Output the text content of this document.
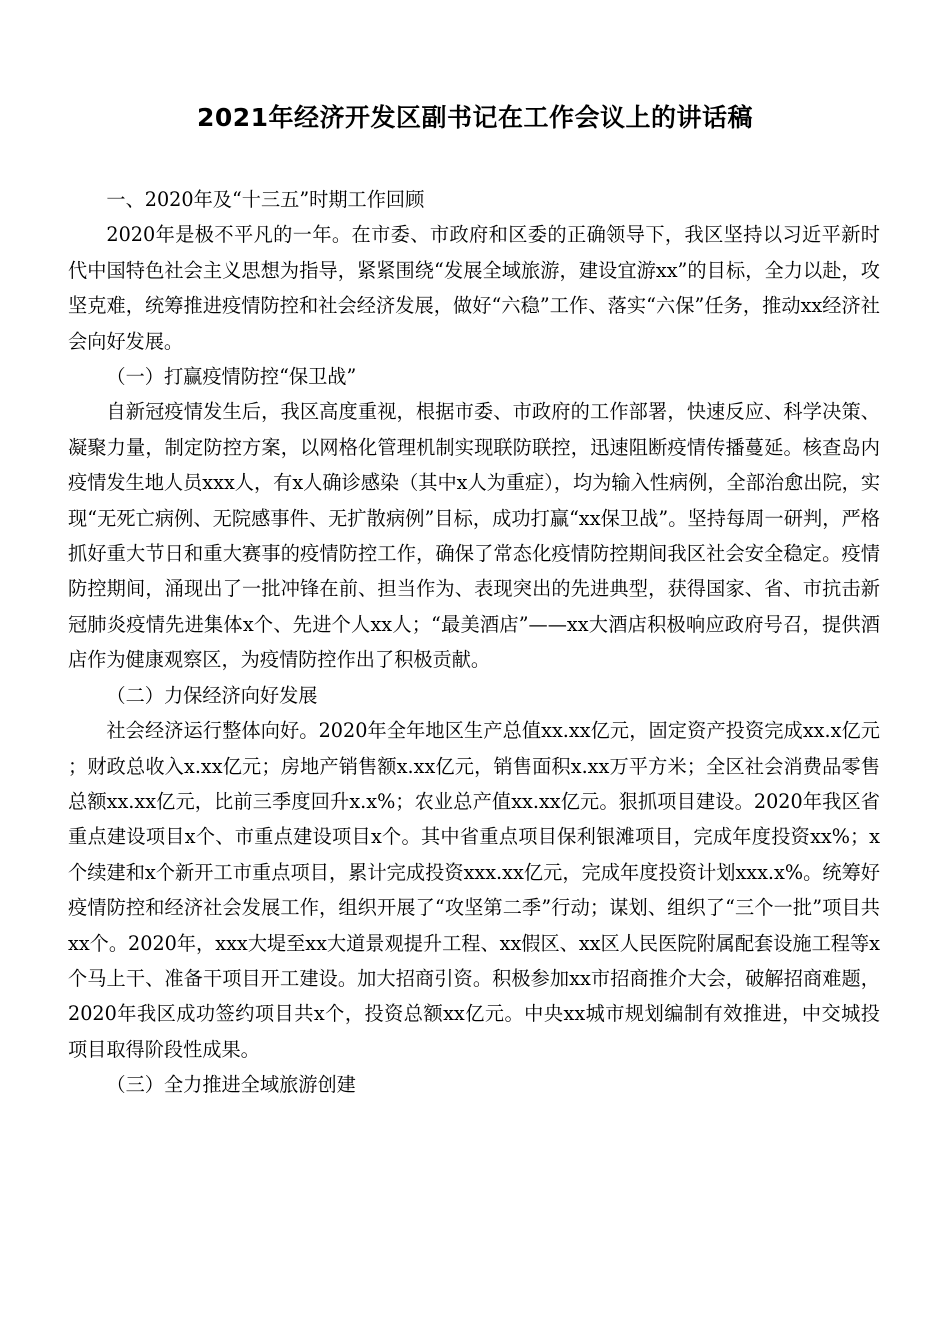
2021年经济开发区副书记在工作会议上的讲话稿

一、2020年及“十三五”时期工作回顾

2020年是极不平凡的一年。在市委、市政府和区委的正确领导下，我区坚持以习近平新时代中国特色社会主义思想为指导，紧紧围绕“发展全域旅游，建设宜游xx”的目标，全力以赴，攻坚克难，统筹推进疫情防控和社会经济发展，做好“六稳”工作、落实“六保”任务，推动xx经济社会向好发展。

（一）打赢疫情防控“保卫战”

自新冠疫情发生后，我区高度重视，根据市委、市政府的工作部署，快速反应、科学决策、凝聚力量，制定防控方案，以网格化管理机制实现联防联控，迅速阻断疫情传播蔓延。核查岛内疫情发生地人员xxx人，有x人确诊感染（其中x人为重症），均为输入性病例，全部治愈出院，实现“无死亡病例、无院感事件、无扩散病例”目标，成功打赢“xx保卫战”。坚持每周一研判，严格抓好重大节日和重大赛事的疫情防控工作，确保了常态化疫情防控期间我区社会安全稳定。疫情防控期间，涌现出了一批冲锋在前、担当作为、表现突出的先进典型，获得国家、省、市抗击新冠肺炎疫情先进集体x个、先进个人xx人；“最美酒店”——xx大酒店积极响应政府号召，提供酒店作为健康观察区，为疫情防控作出了积极贡献。

（二）力保经济向好发展

社会经济运行整体向好。2020年全年地区生产总值xx.xx亿元，固定资产投资完成xx.x亿元；财政总收入x.xx亿元；房地产销售额x.xx亿元，销售面积x.xx万平方米；全区社会消费品零售总额xx.xx亿元，比前三季度回升x.x%；农业总产值xx.xx亿元。狠抓项目建设。2020年我区省重点建设项目x个、市重点建设项目x个。其中省重点项目保利银滩项目，完成年度投资xx%；x个续建和x个新开工市重点项目，累计完成投资xxx.xx亿元，完成年度投资计划xxx.x%。统筹好疫情防控和经济社会发展工作，组织开展了“攻坚第二季”行动；谋划、组织了“三个一批”项目共xx个。2020年，xxx大堤至xx大道景观提升工程、xx假区、xx区人民医院附属配套设施工程等x个马上干、准备干项目开工建设。加大招商引资。积极参加xx市招商推介大会，破解招商难题，2020年我区成功签约项目共x个，投资总额xx亿元。中央xx城市规划编制有效推进，中交城投项目取得阶段性成果。

（三）全力推进全域旅游创建
